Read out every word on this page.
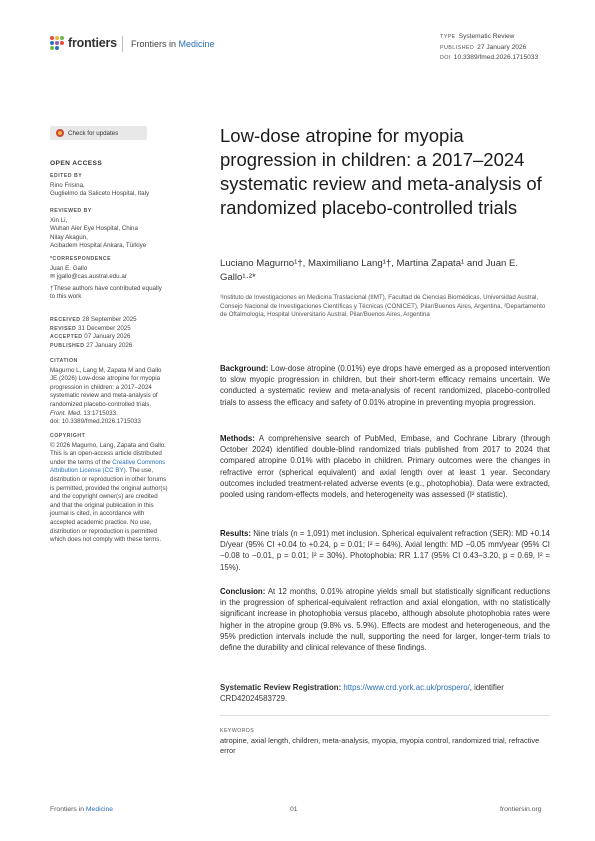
frontiers	Frontiers in Medicine
TYPE Systematic Review
PUBLISHED 27 January 2026
DOI 10.3389/fmed.2026.1715033
Check for updates
OPEN ACCESS
EDITED BY
Rino Frisina,
Guglielmo da Saliceto Hospital, Italy
REVIEWED BY
Xin Li,
Wuhan Aier Eye Hospital, China
Nilay Akagun,
Acibadem Hospital Ankara, Türkiye
*CORRESPONDENCE
Juan E. Gallo
✉ jgallo@cas.austral.edu.ar
†These authors have contributed equally to this work
RECEIVED 28 September 2025
REVISED 31 December 2025
ACCEPTED 07 January 2026
PUBLISHED 27 January 2026
CITATION
Magurno L, Lang M, Zapata M and Gallo JE (2026) Low-dose atropine for myopia progression in children: a 2017–2024 systematic review and meta-analysis of randomized placebo-controlled trials.
Front. Med. 13:1715033.
doi: 10.3389/fmed.2026.1715033
COPYRIGHT
© 2026 Magurno, Lang, Zapata and Gallo. This is an open-access article distributed under the terms of the Creative Commons Attribution License (CC BY). The use, distribution or reproduction in other forums is permitted, provided the original author(s) and the copyright owner(s) are credited and that the original publication in this journal is cited, in accordance with accepted academic practice. No use, distribution or reproduction is permitted which does not comply with these terms.
Low-dose atropine for myopia progression in children: a 2017–2024 systematic review and meta-analysis of randomized placebo-controlled trials
Luciano Magurno¹†, Maximiliano Lang¹†, Martina Zapata¹ and Juan E. Gallo¹·²*
¹Instituto de Investigaciones en Medicina Traslacional (IIMT), Facultad de Ciencias Biomédicas, Universidad Austral, Consejo Nacional de Investigaciones Científicas y Técnicas (CONICET), Pilar/Buenos Aires, Argentina, ²Departamento de Oftalmología, Hospital Universitario Austral, Pilar/Buenos Aires, Argentina
Background: Low-dose atropine (0.01%) eye drops have emerged as a proposed intervention to slow myopic progression in children, but their short-term efficacy remains uncertain. We conducted a systematic review and meta-analysis of recent randomized, placebo-controlled trials to assess the efficacy and safety of 0.01% atropine in preventing myopia progression.
Methods: A comprehensive search of PubMed, Embase, and Cochrane Library (through October 2024) identified double-blind randomized trials published from 2017 to 2024 that compared atropine 0.01% with placebo in children. Primary outcomes were the changes in refractive error (spherical equivalent) and axial length over at least 1 year. Secondary outcomes included treatment-related adverse events (e.g., photophobia). Data were extracted, pooled using random-effects models, and heterogeneity was assessed (I² statistic).
Results: Nine trials (n = 1,091) met inclusion. Spherical equivalent refraction (SER): MD +0.14 D/year (95% CI +0.04 to +0.24, p = 0.01; I² = 64%). Axial length: MD −0.05 mm/year (95% CI −0.08 to −0.01, p = 0.01; I² = 30%). Photophobia: RR 1.17 (95% CI 0.43–3.20, p = 0.69, I² = 15%).
Conclusion: At 12 months, 0.01% atropine yields small but statistically significant reductions in the progression of spherical-equivalent refraction and axial elongation, with no statistically significant increase in photophobia versus placebo, although absolute photophobia rates were higher in the atropine group (9.8% vs. 5.9%). Effects are modest and heterogeneous, and the 95% prediction intervals include the null, supporting the need for larger, longer-term trials to define the durability and clinical relevance of these findings.
Systematic Review Registration: https://www.crd.york.ac.uk/prospero/, identifier CRD42024583729.
KEYWORDS
atropine, axial length, children, meta-analysis, myopia, myopia control, randomized trial, refractive error
Frontiers in Medicine	01	frontiersin.org
